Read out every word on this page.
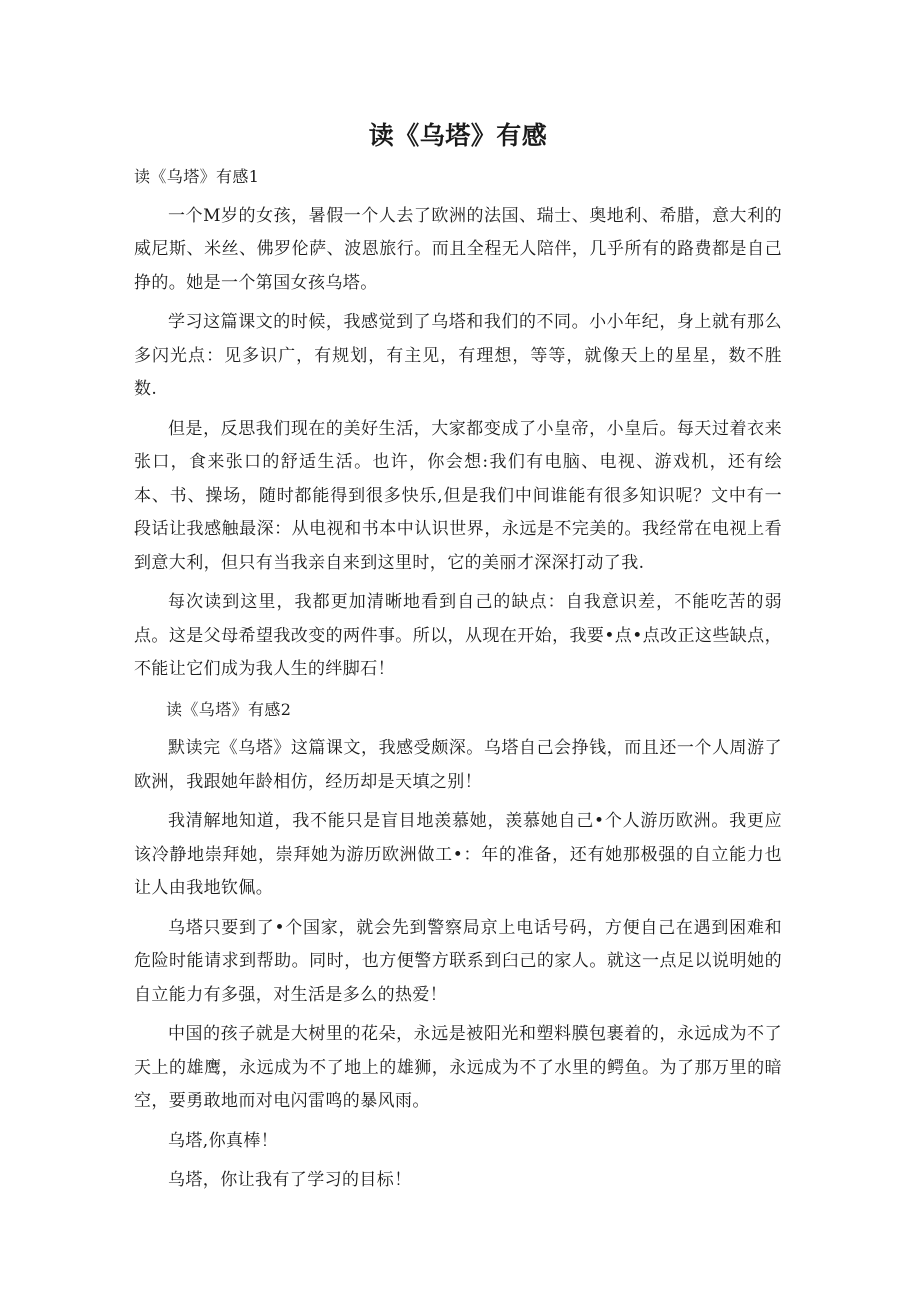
读《乌塔》有感

读《乌塔》有感1

一个M岁的女孩，暑假一个人去了欧洲的法国、瑞士、奥地利、希腊，意大利的威尼斯、米丝、佛罗伦萨、波恩旅行。而且全程无人陪伴，几乎所有的路费都是自己挣的。她是一个第国女孩乌塔。

学习这篇课文的时候，我感觉到了乌塔和我们的不同。小小年纪，身上就有那么多闪光点：见多识广，有规划，有主见，有理想，等等，就像天上的星星，数不胜数.

但是，反思我们现在的美好生活，大家都变成了小皇帝，小皇后。每天过着衣来张口，食来张口的舒适生活。也许，你会想:我们有电脑、电视、游戏机，还有绘本、书、操场，随时都能得到很多快乐,但是我们中间谁能有很多知识呢？文中有一段话让我感触最深：从电视和书本中认识世界，永远是不完美的。我经常在电视上看到意大利，但只有当我亲自来到这里时，它的美丽才深深打动了我.

每次读到这里，我都更加清晰地看到自己的缺点：自我意识差，不能吃苦的弱点。这是父母希望我改变的两件事。所以，从现在开始，我要•点•点改正这些缺点，不能让它们成为我人生的绊脚石！

读《乌塔》有感2

默读完《乌塔》这篇课文，我感受颇深。乌塔自己会挣钱，而且还一个人周游了欧洲，我跟她年龄相仿，经历却是天填之别！

我清解地知道，我不能只是盲目地羡慕她，羡慕她自己•个人游历欧洲。我更应该冷静地崇拜她，崇拜她为游历欧洲做工•：年的准备，还有她那极强的自立能力也让人由我地钦佩。

乌塔只要到了•个国家，就会先到警察局京上电话号码，方便自己在遇到困难和危险时能请求到帮助。同时，也方便警方联系到臼己的家人。就这一点足以说明她的自立能力有多强，对生活是多么的热爱！

中国的孩子就是大树里的花朵，永远是被阳光和塑料膜包裹着的，永远成为不了天上的雄鹰，永远成为不了地上的雄狮，永远成为不了水里的鳄鱼。为了那万里的暗空，要勇敢地而对电闪雷鸣的暴风雨。

乌塔,你真棒！

乌塔，你让我有了学习的目标！
